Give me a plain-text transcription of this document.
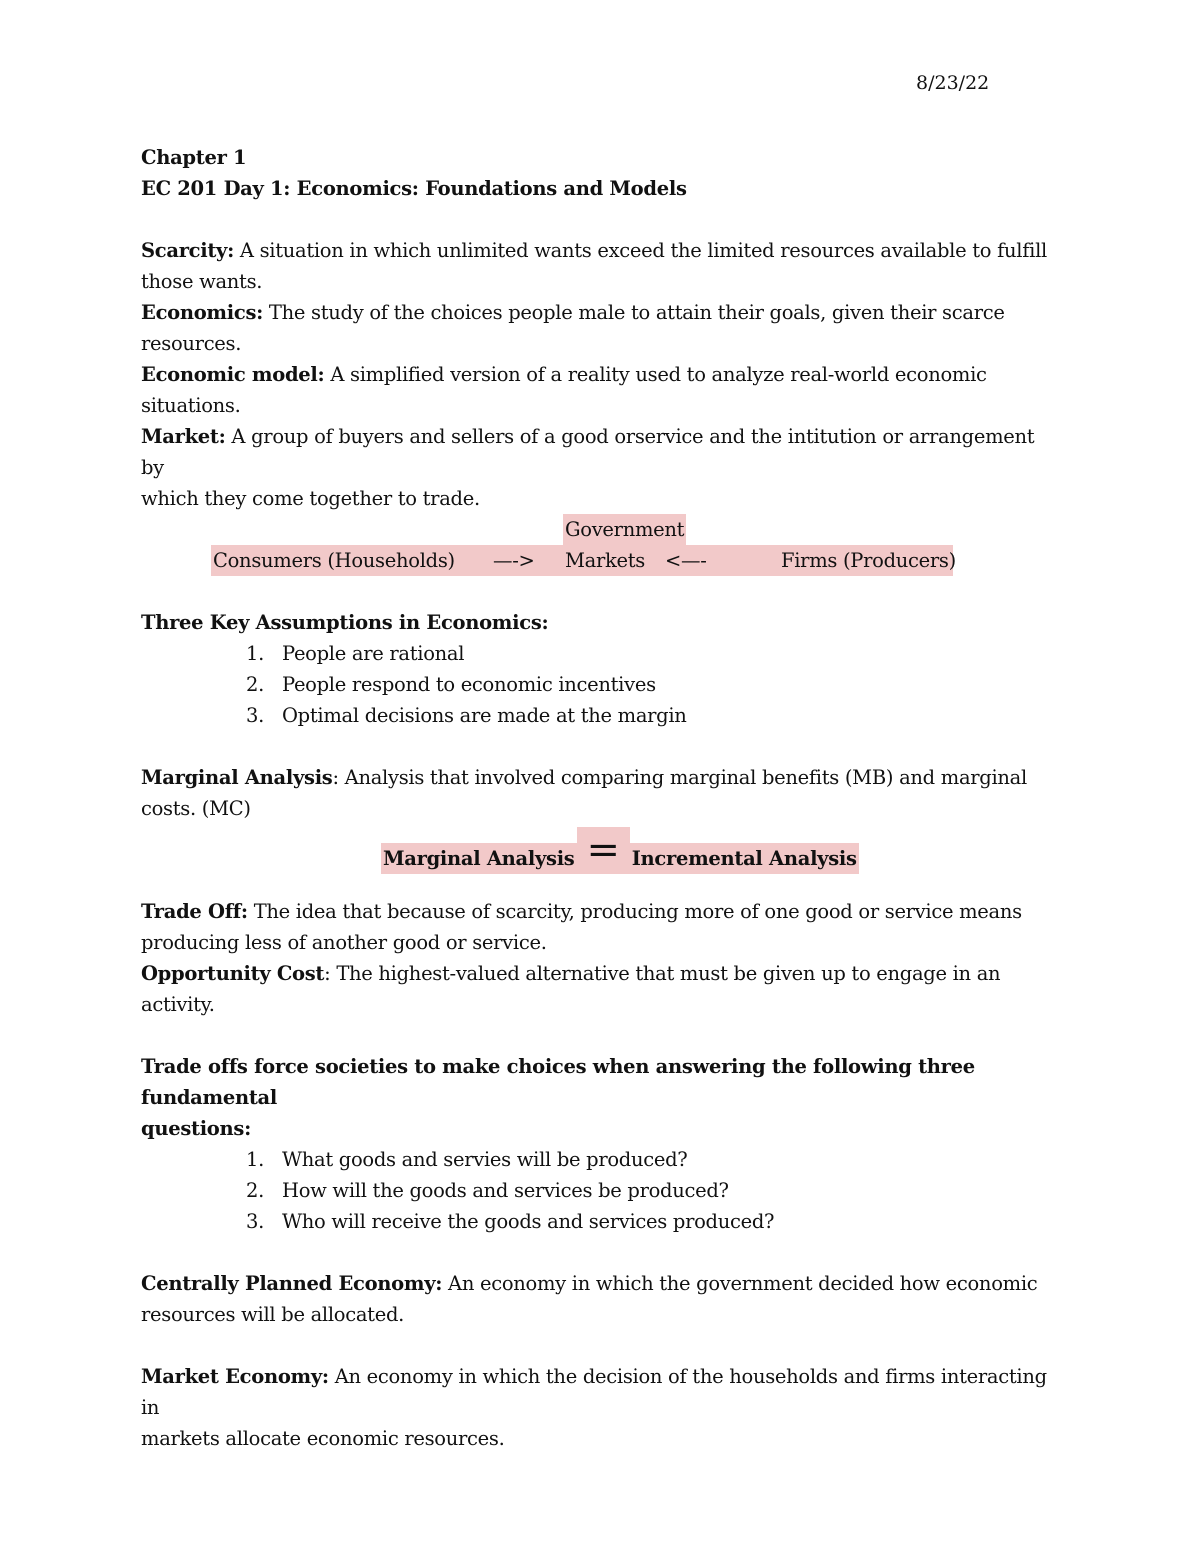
8/23/22
Chapter 1
EC 201 Day 1: Economics: Foundations and Models
Scarcity: A situation in which unlimited wants exceed the limited resources available to fulfill
those wants.
Economics: The study of the choices people male to attain their goals, given their scarce
resources.
Economic model: A simplified version of a reality used to analyze real-world economic
situations.
Market: A group of buyers and sellers of a good orservice and the intitution or arrangement by
which they come together to trade.
Government
Consumers (Households) —-> Markets <—-	Firms (Producers)
Three Key Assumptions in Economics:
1. People are rational
2. People respond to economic incentives
3. Optimal decisions are made at the margin
Marginal Analysis: Analysis that involved comparing marginal benefits (MB) and marginal
costs. (MC)
Marginal Analysis = Incremental Analysis
Trade Off: The idea that because of scarcity, producing more of one good or service means
producing less of another good or service.
Opportunity Cost: The highest-valued alternative that must be given up to engage in an activity.
Trade offs force societies to make choices when answering the following three fundamental
questions:
1. What goods and servies will be produced?
2. How will the goods and services be produced?
3. Who will receive the goods and services produced?
Centrally Planned Economy: An economy in which the government decided how economic
resources will be allocated.
Market Economy: An economy in which the decision of the households and firms interacting in
markets allocate economic resources.
